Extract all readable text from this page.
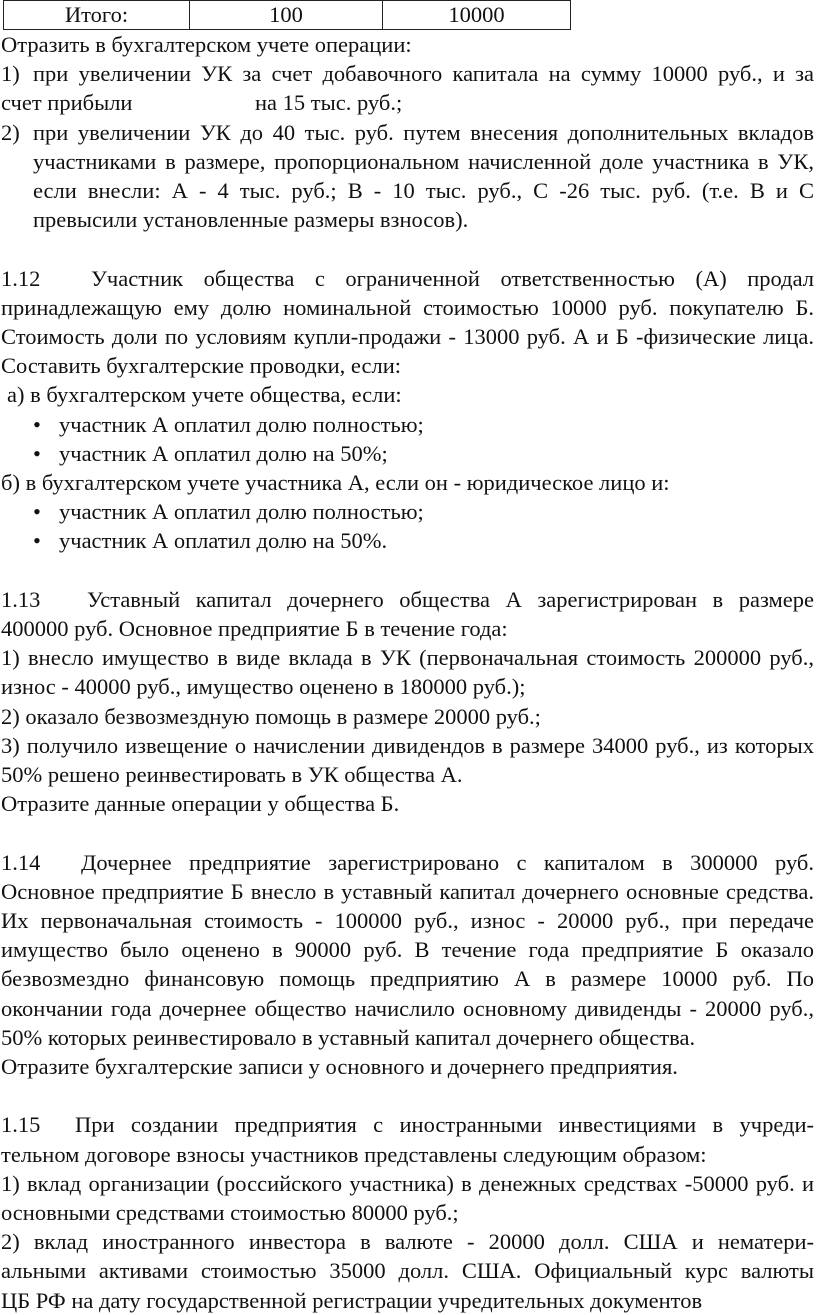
Итого:	100	10000

Отразить в бухгалтерском учете операции:

1) при увеличении УК за счет добавочного капитала на сумму 10000 руб., и за

счет прибыли	на 15 тыс. руб.;

2) при увеличении УК до 40 тыс. руб. путем внесения дополнительных вкладов участниками в размере, пропорциональном начисленной доле участника в УК, если внесли: А - 4 тыс. руб.; В - 10 тыс. руб., С -26 тыс. руб. (т.е. В и С превысили установленные размеры взносов).

1.12 Участник общества с ограниченной ответственностью (А) продал принадлежащую ему долю номинальной стоимостью 10000 руб. покупателю Б. Стоимость доли по условиям купли-продажи - 13000 руб. А и Б -физические лица. Составить бухгалтерские проводки, если:

а) в бухгалтерском учете общества, если:

• участник А оплатил долю полностью;
• участник А оплатил долю на 50%;

б) в бухгалтерском учете участника А, если он - юридическое лицо и:

• участник А оплатил долю полностью;
• участник А оплатил долю на 50%.

1.13 Уставный капитал дочернего общества А зарегистрирован в размере 400000 руб. Основное предприятие Б в течение года:

1) внесло имущество в виде вклада в УК (первоначальная стоимость 200000 руб., износ - 40000 руб., имущество оценено в 180000 руб.);

2) оказало безвозмездную помощь в размере 20000 руб.;

3) получило извещение о начислении дивидендов в размере 34000 руб., из которых 50% решено реинвестировать в УК общества А.

Отразите данные операции у общества Б.

1.14 Дочернее предприятие зарегистрировано с капиталом в 300000 руб. Основное предприятие Б внесло в уставный капитал дочернего основные средства. Их первоначальная стоимость - 100000 руб., износ - 20000 руб., при передаче имущество было оценено в 90000 руб. В течение года предприятие Б оказало безвозмездно финансовую помощь предприятию А в размере 10000 руб. По окончании года дочернее общество начислило основному дивиденды - 20000 руб., 50% которых реинвестировало в уставный капитал дочернего общества.

Отразите бухгалтерские записи у основного и дочернего предприятия.

1.15 При создании предприятия с иностранными инвестициями в учреди-

тельном договоре взносы участников представлены следующим образом:

1) вклад организации (российского участника) в денежных средствах -50000 руб. и основными средствами стоимостью 80000 руб.;

2) вклад иностранного инвестора в валюте - 20000 долл. США и нематери-

альными активами стоимостью 35000 долл. США. Официальный курс валюты

ЦБ РФ на дату государственной регистрации учредительных документов
